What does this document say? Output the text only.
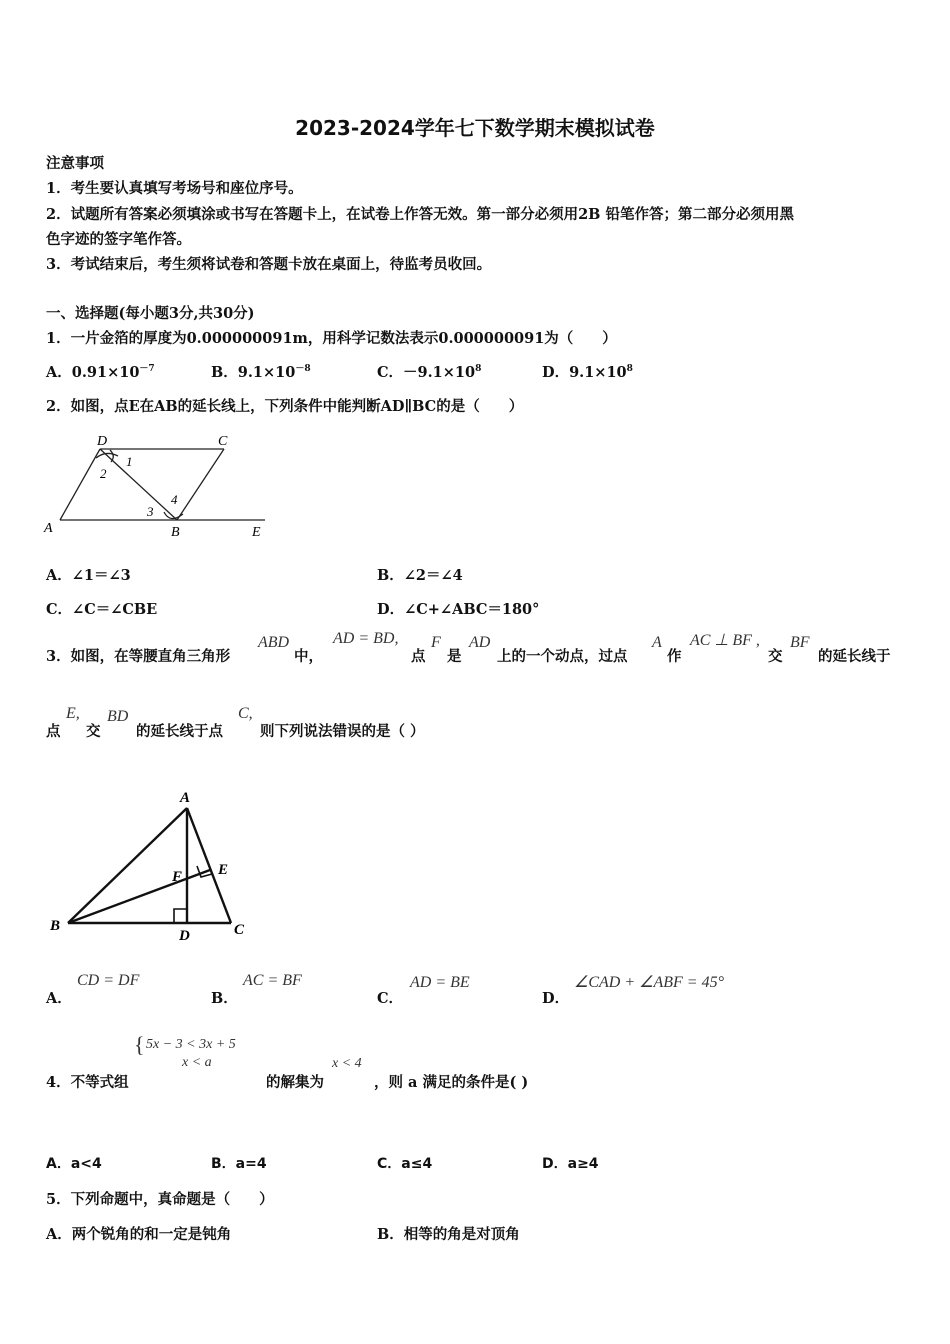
2023-2024学年七下数学期末模拟试卷
注意事项
1．考生要认真填写考场号和座位序号。
2．试题所有答案必须填涂或书写在答题卡上，在试卷上作答无效。第一部分必须用2B 铅笔作答；第二部分必须用黑
色字迹的签字笔作答。
3．考试结束后，考生须将试卷和答题卡放在桌面上，待监考员收回。
一、选择题(每小题3分,共30分)
1．一片金箔的厚度为0.000000091m，用科学记数法表示0.000000091为（　　）
A．$0.91\times 10^{-7}$	B．$9.1\times 10^{-8}$	C．$-9.1\times 10^8$	D．$9.1\times 10^8$
2．如图，点E在AB的延长线上，下列条件中能判断AD∥BC的是（　　）
D	C
A	B	E
1
2
3
4
A．∠1＝∠3	B．∠2＝∠4
C．∠C＝∠CBE	D．∠C+∠ABC＝180°
3．如图，在等腰直角三角形
ABD
中，
AD = BD,
点
F
是
AD
上的一个动点，过点
A
作
AC ⊥ BF ,
交
BF
的延长线于
点
E,
交
BD
的延长线于点
C,
则下列说法错误的是（ ）
A
B	C
D
E
F
A．
CD = DF
B．
AC = BF
C．
AD = BE
D．
∠CAD + ∠ABF = 45°
4．不等式组
{ 5x − 3 < 3x + 5
x < a
的解集为
x < 4
，则 a 满足的条件是( )
A．a<4	B．a=4	C．a≤4	D．a≥4
5．下列命题中，真命题是（　　）
A．两个锐角的和一定是钝角	B．相等的角是对顶角
